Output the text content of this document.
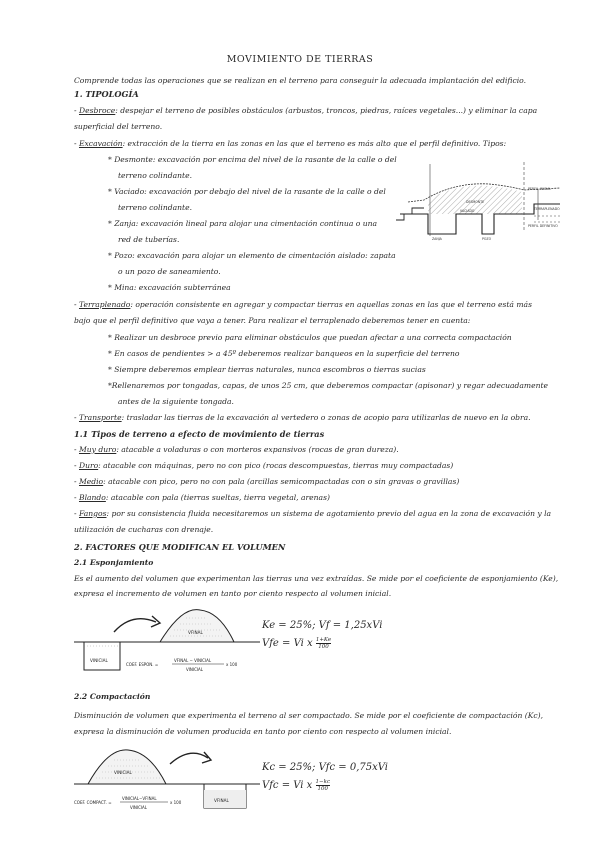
MOVIMIENTO DE TIERRAS
Comprende todas las operaciones que se realizan en el terreno para conseguir la adecuada implantación del edificio.
1. TIPOLOGÍA
- Desbroce: despejar el terreno de posibles obstáculos (arbustos, troncos, piedras, raíces vegetales...) y eliminar la capa
superficial del terreno.
- Excavación: extracción de la tierra en las zonas en las que el terreno es más alto que el perfil definitivo. Tipos:
* Desmonte: excavación por encima del nivel de la rasante de la calle o del
terreno colindante.
* Vaciado: excavación por debajo del nivel de la rasante de la calle o del
terreno colindante.
* Zanja: excavación lineal para alojar una cimentación continua o una
red de tuberías.
* Pozo: excavación para alojar un elemento de cimentación aislado: zapata
o un pozo de saneamiento.
* Mina: excavación subterránea
PERFIL INICIAL
DESMONTE
TERRAPLENADO
PERFIL DEFINITIVO
VACIADO
ZANJA	POZO
- Terraplenado: operación consistente en agregar y compactar tierras en aquellas zonas en las que el terreno está más
bajo que el perfil definitivo que vaya a tener. Para realizar el terraplenado deberemos tener en cuenta:
* Realizar un desbroce previo para eliminar obstáculos que puedan afectar a una correcta compactación
* En casos de pendientes > a 45º deberemos realizar banqueos en la superficie del terreno
* Siempre deberemos emplear tierras naturales, nunca escombros o tierras sucias
*Rellenaremos por tongadas, capas, de unos 25 cm, que deberemos compactar (apisonar) y regar adecuadamente
antes de la siguiente tongada.
- Transporte: trasladar las tierras de la excavación al vertedero o zonas de acopio para utilizarlas de nuevo en la obra.
1.1 Tipos de terreno a efecto de movimiento de tierras
- Muy duro: atacable a voladuras o con morteros expansivos (rocas de gran dureza).
- Duro: atacable con máquinas, pero no con pico (rocas descompuestas, tierras muy compactadas)
- Medio: atacable con pico, pero no con pala (arcillas semicompactadas con o sin gravas o gravillas)
- Blando: atacable con pala (tierras sueltas, tierra vegetal, arenas)
- Fangos: por su consistencia fluida necesitaremos un sistema de agotamiento previo del agua en la zona de excavación y la
utilización de cucharas con drenaje.
2. FACTORES QUE MODIFICAN EL VOLUMEN
2.1 Esponjamiento
Es el aumento del volumen que experimentan las tierras una vez extraídas. Se mide por el coeficiente de esponjamiento (Ke),
expresa el incremento de volumen en tanto por ciento respecto al volumen inicial.
VFINAL
VINICIAL
COEF. ESPON. =
VFINAL − VINICIAL
VINICIAL
x 100
Ke = 25%; Vf = 1,25xVi
Vfe = Vi x $\frac{1+Ke}{100}$
2.2 Compactación
Disminución de volumen que experimenta el terreno al ser compactado. Se mide por el coeficiente de compactación (Kc),
expresa la disminución de volumen producida en tanto por ciento con respecto al volumen inicial.
VINICIAL
VFINAL
COEF. COMPACT. =
VINICIAL−VFINAL
VINICIAL
x 100
Kc = 25%; Vfc = 0,75xVi
Vfc = Vi x $\frac{1-kc}{100}$
